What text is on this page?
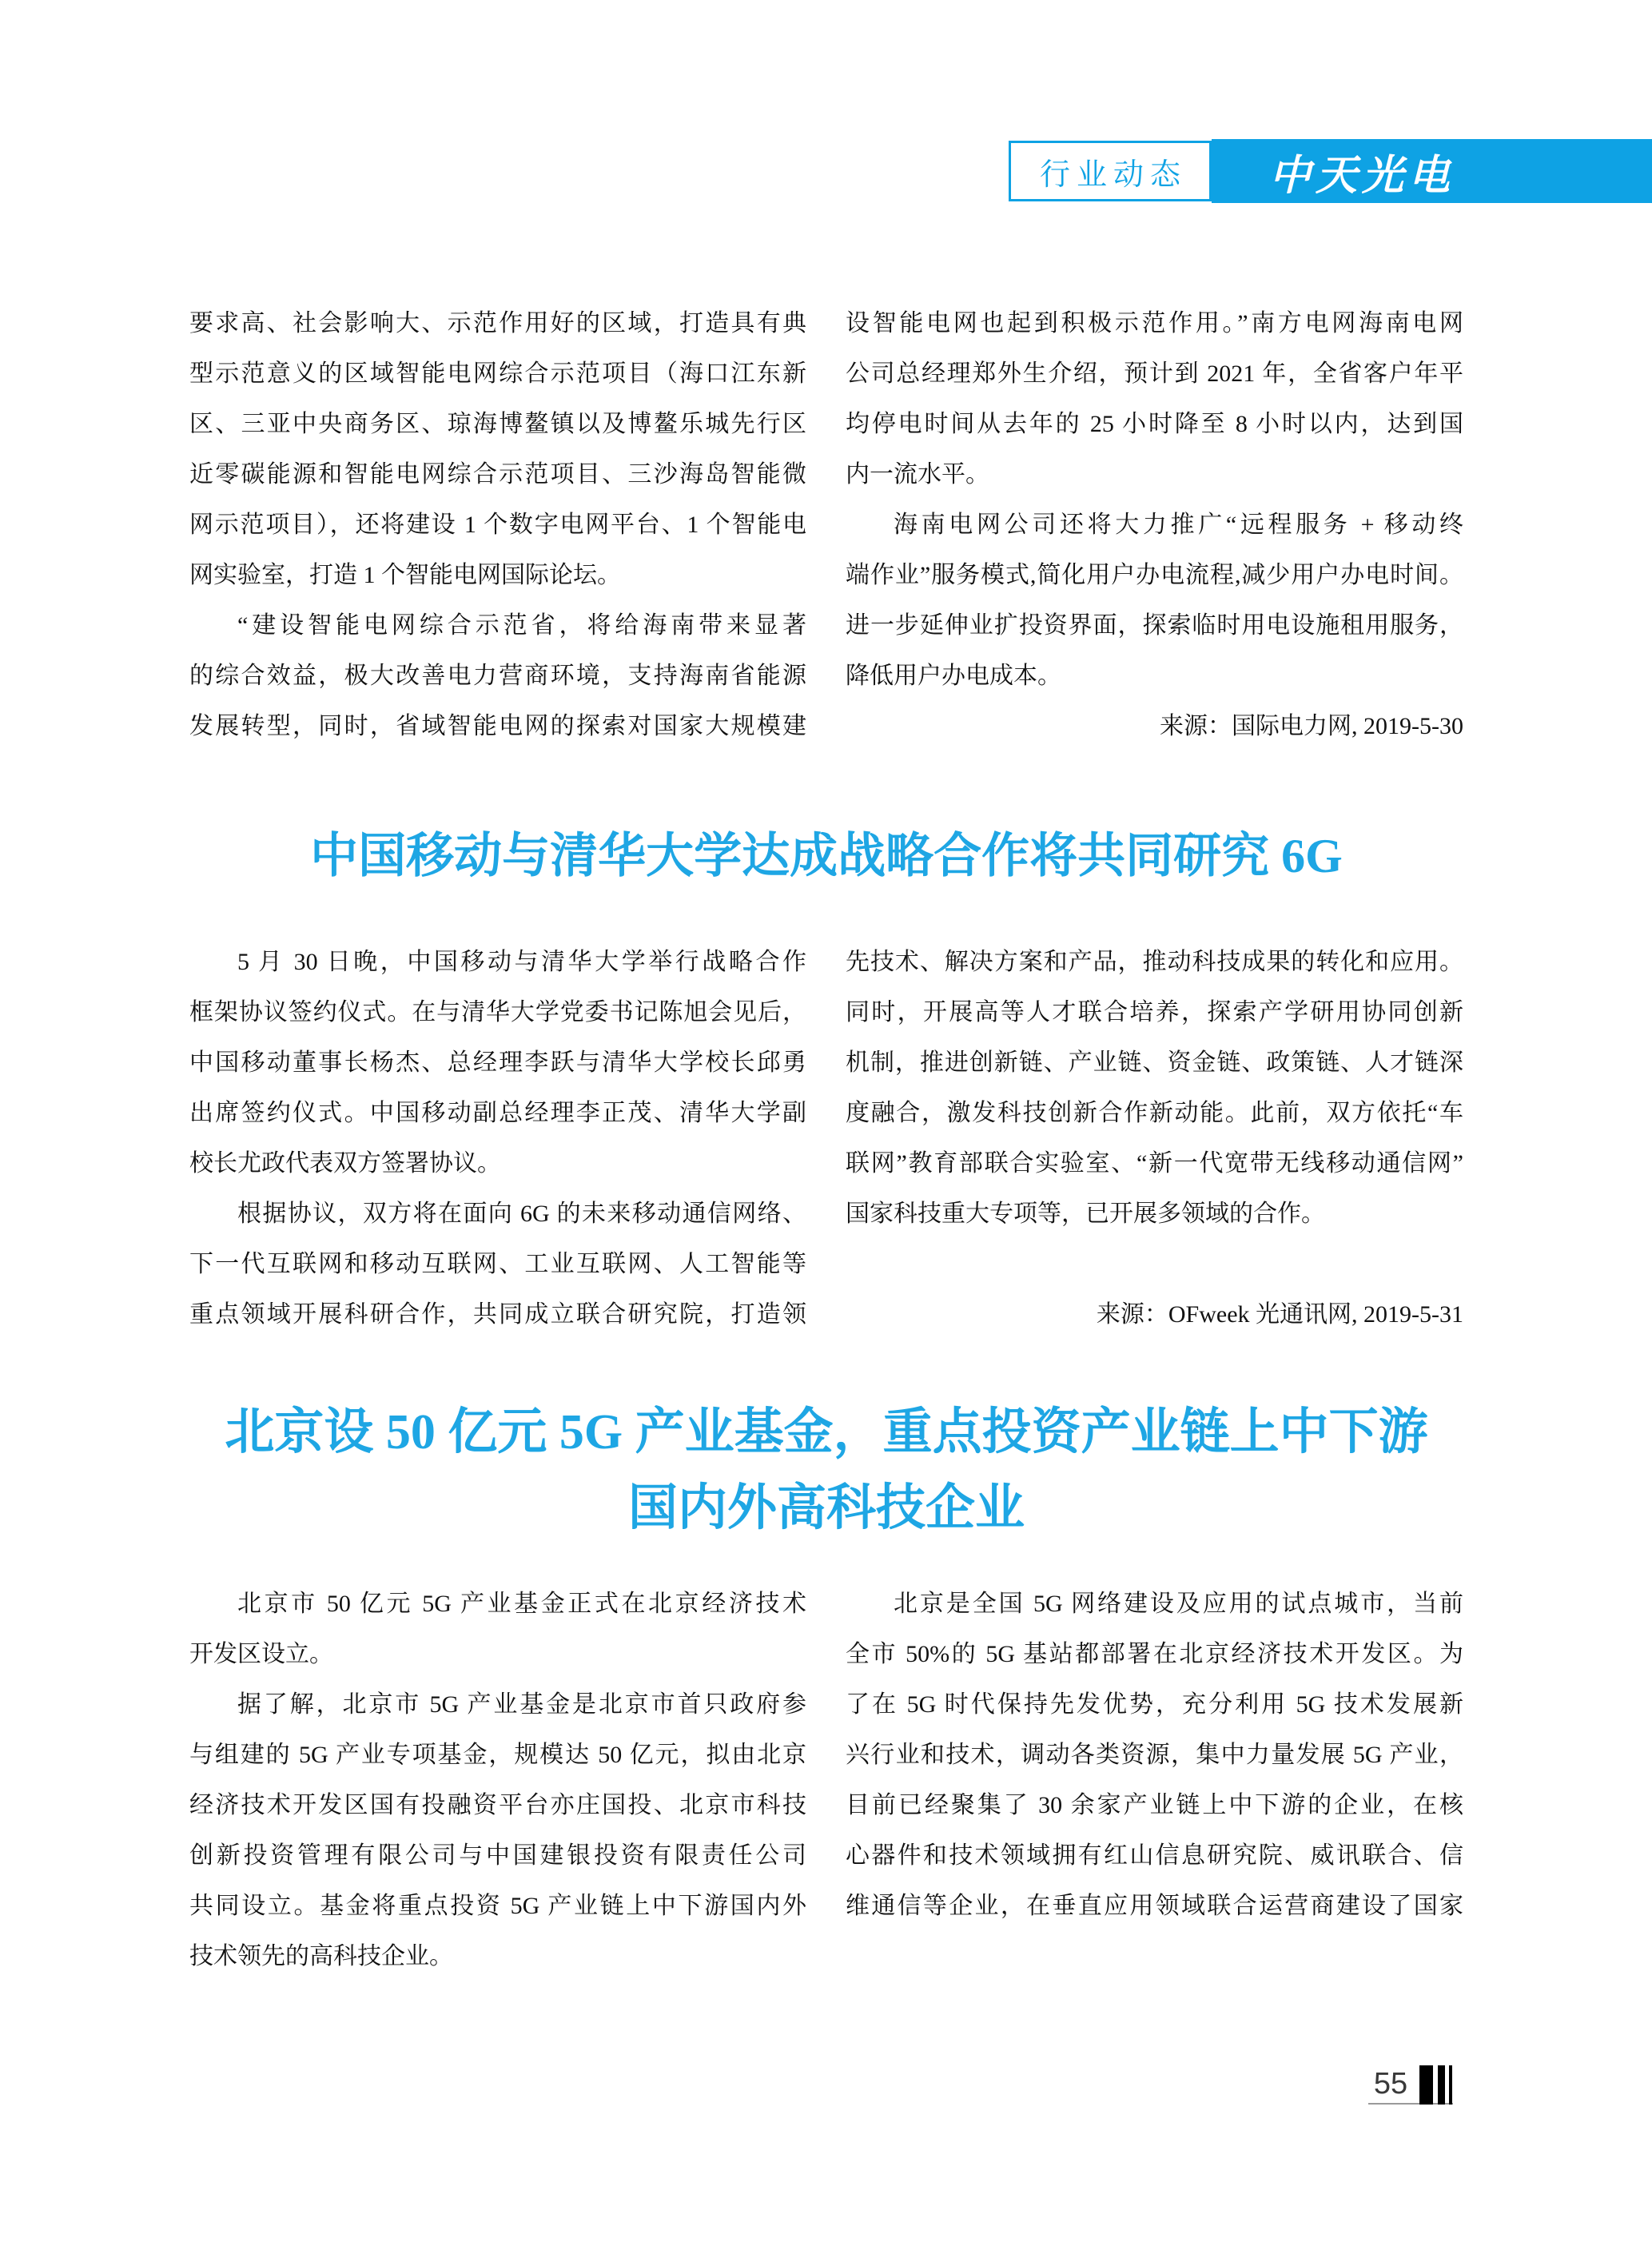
行业动态	中天光电
要求高、社会影响大、示范作用好的区域，打造具有典
型示范意义的区域智能电网综合示范项目（海口江东新
区、三亚中央商务区、琼海博鳌镇以及博鳌乐城先行区
近零碳能源和智能电网综合示范项目、三沙海岛智能微
网示范项目），还将建设 1 个数字电网平台、1 个智能电
网实验室，打造 1 个智能电网国际论坛。
“建设智能电网综合示范省，将给海南带来显著
的综合效益，极大改善电力营商环境，支持海南省能源
发展转型，同时，省域智能电网的探索对国家大规模建
设智能电网也起到积极示范作用。”南方电网海南电网
公司总经理郑外生介绍，预计到 2021 年，全省客户年平
均停电时间从去年的 25 小时降至 8 小时以内，达到国
内一流水平。
海南电网公司还将大力推广“远程服务 + 移动终
端作业”服务模式,简化用户办电流程,减少用户办电时间。
进一步延伸业扩投资界面，探索临时用电设施租用服务，
降低用户办电成本。
来源：国际电力网, 2019-5-30
中国移动与清华大学达成战略合作将共同研究 6G
5 月 30 日晚，中国移动与清华大学举行战略合作
框架协议签约仪式。在与清华大学党委书记陈旭会见后，
中国移动董事长杨杰、总经理李跃与清华大学校长邱勇
出席签约仪式。中国移动副总经理李正茂、清华大学副
校长尤政代表双方签署协议。
根据协议，双方将在面向 6G 的未来移动通信网络、
下一代互联网和移动互联网、工业互联网、人工智能等
重点领域开展科研合作，共同成立联合研究院，打造领
先技术、解决方案和产品，推动科技成果的转化和应用。
同时，开展高等人才联合培养，探索产学研用协同创新
机制，推进创新链、产业链、资金链、政策链、人才链深
度融合，激发科技创新合作新动能。此前，双方依托“车
联网”教育部联合实验室、“新一代宽带无线移动通信网”
国家科技重大专项等，已开展多领域的合作。
来源：OFweek 光通讯网, 2019-5-31
北京设 50 亿元 5G 产业基金，重点投资产业链上中下游
国内外高科技企业
北京市 50 亿元 5G 产业基金正式在北京经济技术
开发区设立。
据了解，北京市 5G 产业基金是北京市首只政府参
与组建的 5G 产业专项基金，规模达 50 亿元，拟由北京
经济技术开发区国有投融资平台亦庄国投、北京市科技
创新投资管理有限公司与中国建银投资有限责任公司
共同设立。基金将重点投资 5G 产业链上中下游国内外
技术领先的高科技企业。
北京是全国 5G 网络建设及应用的试点城市，当前
全市 50%的 5G 基站都部署在北京经济技术开发区。为
了在 5G 时代保持先发优势，充分利用 5G 技术发展新
兴行业和技术，调动各类资源，集中力量发展 5G 产业，
目前已经聚集了 30 余家产业链上中下游的企业，在核
心器件和技术领域拥有红山信息研究院、威讯联合、信
维通信等企业，在垂直应用领域联合运营商建设了国家
55
